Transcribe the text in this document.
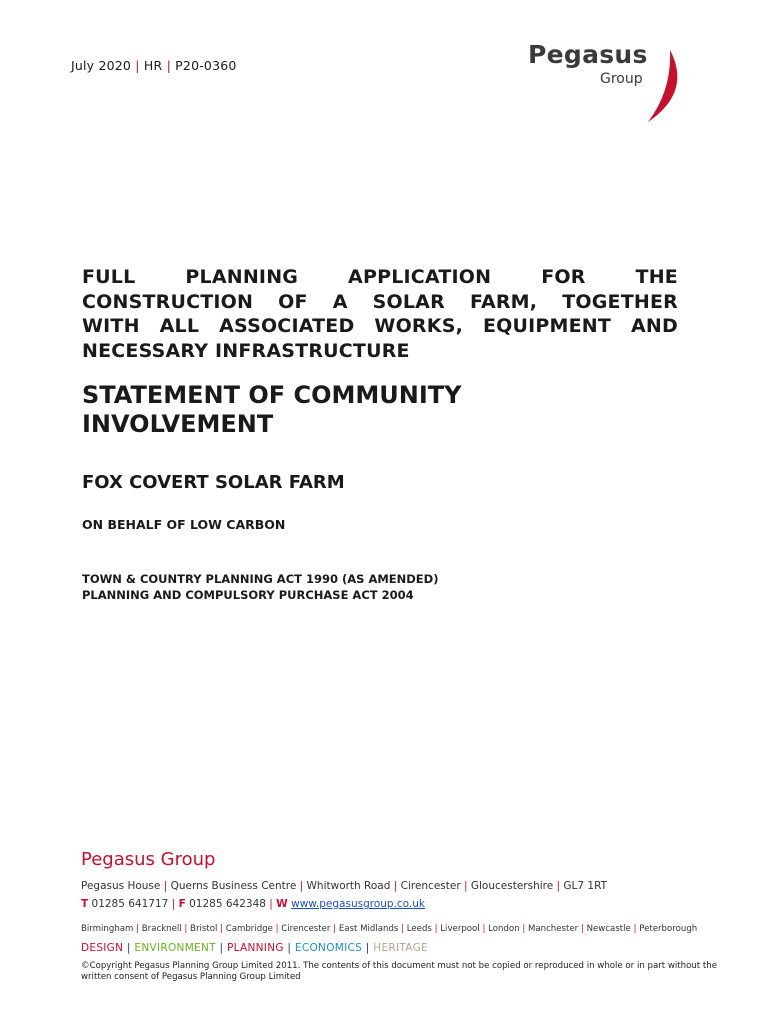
July 2020 | HR | P20-0360	Pegasus
Group
FULL PLANNING APPLICATION FOR THE
CONSTRUCTION OF A SOLAR FARM, TOGETHER
WITH ALL ASSOCIATED WORKS, EQUIPMENT AND
NECESSARY INFRASTRUCTURE
STATEMENT OF COMMUNITY
INVOLVEMENT
FOX COVERT SOLAR FARM
ON BEHALF OF LOW CARBON
TOWN & COUNTRY PLANNING ACT 1990 (AS AMENDED)
PLANNING AND COMPULSORY PURCHASE ACT 2004
Pegasus Group
Pegasus House | Querns Business Centre | Whitworth Road | Cirencester | Gloucestershire | GL7 1RT
T 01285 641717 | F 01285 642348 | W www.pegasusgroup.co.uk
Birmingham | Bracknell | Bristol | Cambridge | Cirencester | East Midlands | Leeds | Liverpool | London | Manchester | Newcastle | Peterborough
DESIGN | ENVIRONMENT | PLANNING | ECONOMICS | HERITAGE
©Copyright Pegasus Planning Group Limited 2011. The contents of this document must not be copied or reproduced in whole or in part without the written consent of Pegasus Planning Group Limited
